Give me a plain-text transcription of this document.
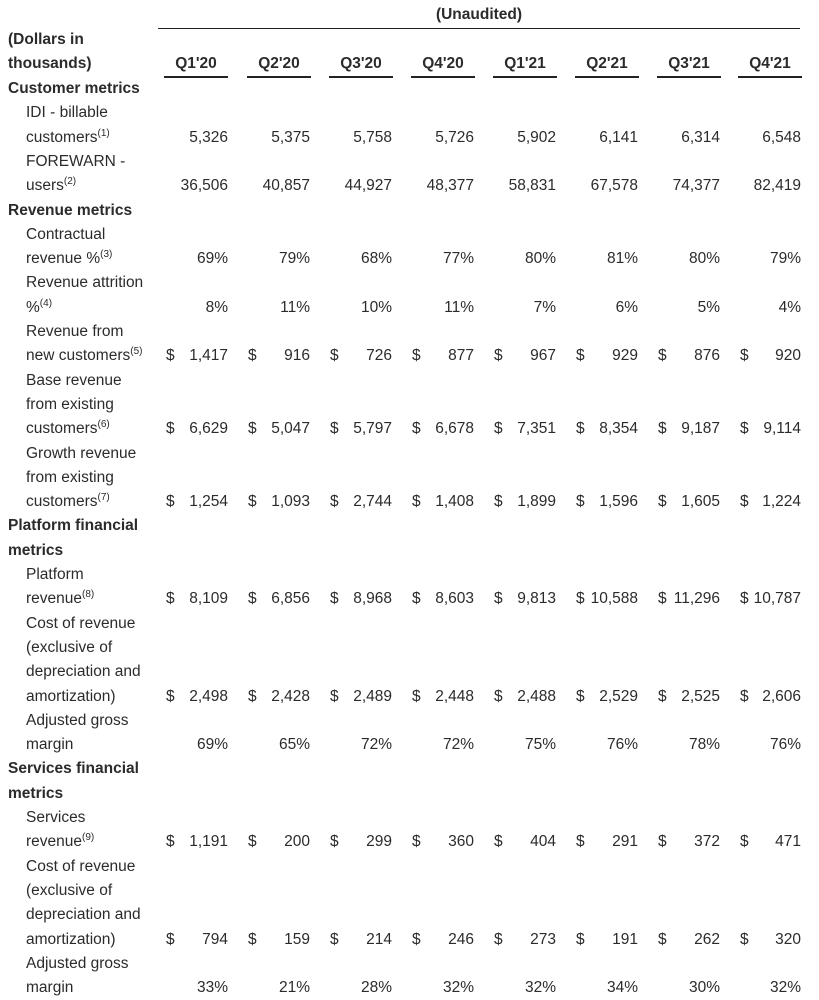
(Unaudited)
(Dollars in
thousands)	Q1'20	Q2'20	Q3'20	Q4'20	Q1'21	Q2'21	Q3'21	Q4'21
Customer metrics
IDI - billable
customers$^{(1)}$	5,326	5,375	5,758	5,726	5,902	6,141	6,314	6,548
FOREWARN -
users$^{(2)}$	36,506	40,857	44,927	48,377	58,831	67,578	74,377	82,419
Revenue metrics
Contractual
revenue %$^{(3)}$	69%	79%	68%	77%	80%	81%	80%	79%
Revenue attrition
%$^{(4)}$	8%	11%	10%	11%	7%	6%	5%	4%
Revenue from
new customers$^{(5)}$ $ 1,417 $	916 $	726 $	877 $	967 $	929 $	876 $	920
Base revenue
from existing
customers$^{(6)}$	$ 6,629 $ 5,047 $ 5,797 $ 6,678 $ 7,351 $ 8,354 $ 9,187 $ 9,114
Growth revenue
from existing
customers$^{(7)}$	$ 1,254 $ 1,093 $ 2,744 $ 1,408 $ 1,899 $ 1,596 $ 1,605 $ 1,224
Platform financial
metrics
Platform
revenue$^{(8)}$	$ 8,109 $ 6,856 $ 8,968 $ 8,603 $ 9,813 $ 10,588 $ 11,296 $ 10,787
Cost of revenue
(exclusive of
depreciation and
amortization)	$ 2,498 $ 2,428 $ 2,489 $ 2,448 $ 2,488 $ 2,529 $ 2,525 $ 2,606
Adjusted gross
margin	69%	65%	72%	72%	75%	76%	78%	76%
Services financial
metrics
Services
revenue$^{(9)}$	$ 1,191 $	200 $	299 $	360 $	404 $	291 $	372 $	471
Cost of revenue
(exclusive of
depreciation and
amortization)	$	794 $	159 $	214 $	246 $	273 $	191 $	262 $	320
Adjusted gross
margin	33%	21%	28%	32%	32%	34%	30%	32%
